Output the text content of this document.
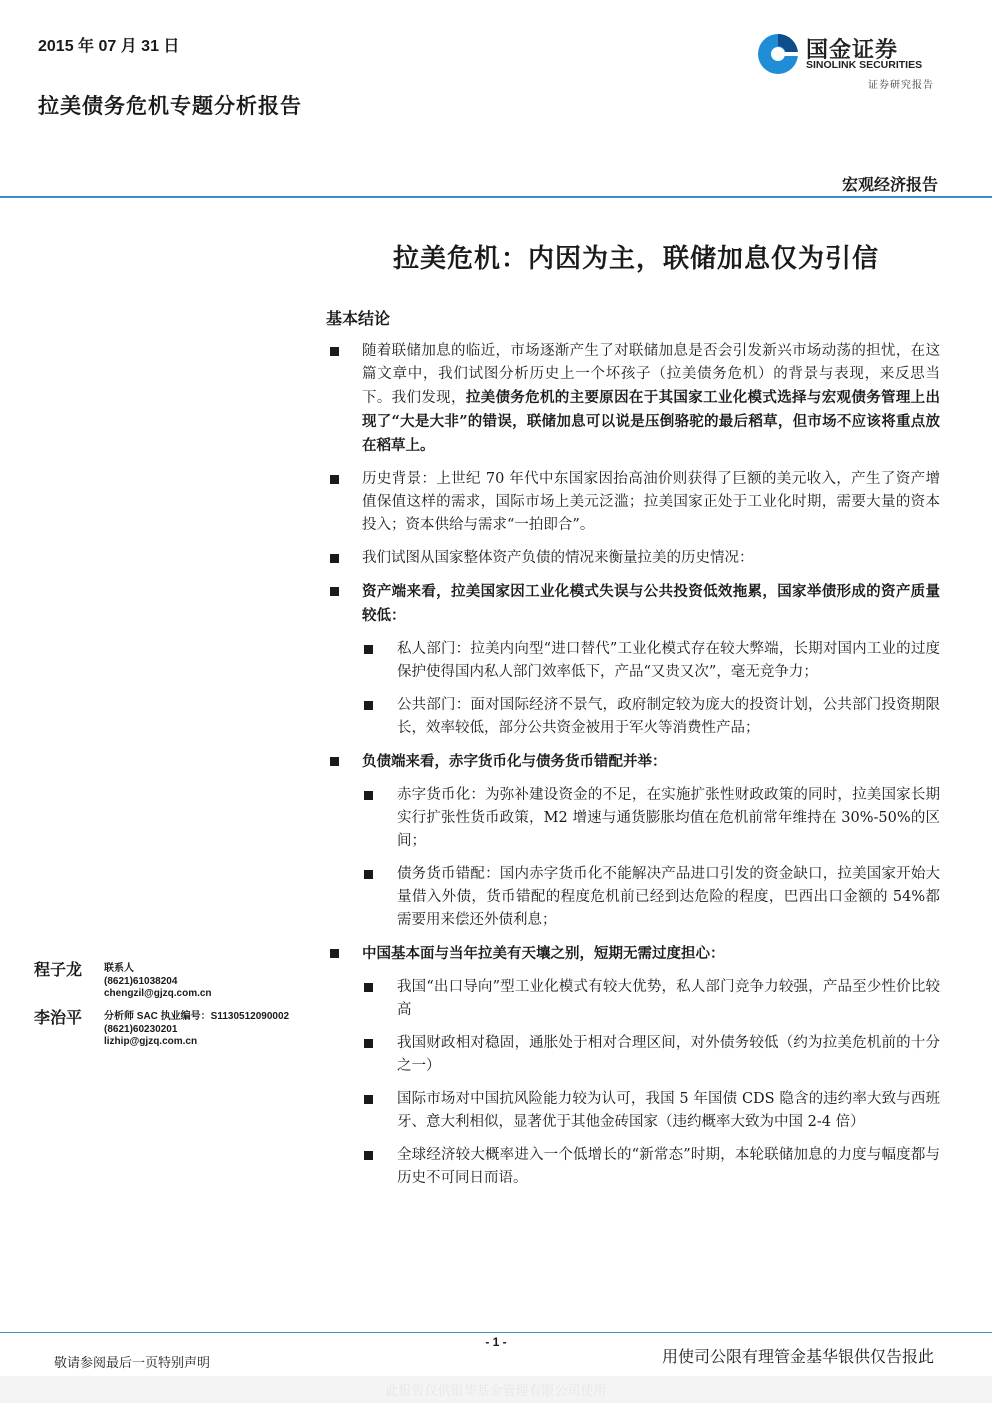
2015 年 07 月 31 日
拉美债务危机专题分析报告
国金证券
SINOLINK SECURITIES
证券研究报告
宏观经济报告
拉美危机：内因为主，联储加息仅为引信
基本结论
随着联储加息的临近，市场逐渐产生了对联储加息是否会引发新兴市场动荡的担忧，在这篇文章中，我们试图分析历史上一个坏孩子（拉美债务危机）的背景与表现，来反思当下。我们发现，拉美债务危机的主要原因在于其国家工业化模式选择与宏观债务管理上出现了“大是大非”的错误，联储加息可以说是压倒骆驼的最后稻草，但市场不应该将重点放在稻草上。
历史背景：上世纪 70 年代中东国家因抬高油价则获得了巨额的美元收入，产生了资产增值保值这样的需求，国际市场上美元泛滥；拉美国家正处于工业化时期，需要大量的资本投入；资本供给与需求“一拍即合”。
我们试图从国家整体资产负债的情况来衡量拉美的历史情况：
资产端来看，拉美国家因工业化模式失误与公共投资低效拖累，国家举债形成的资产质量较低：
私人部门：拉美内向型“进口替代”工业化模式存在较大弊端，长期对国内工业的过度保护使得国内私人部门效率低下，产品“又贵又次”，毫无竞争力；
公共部门：面对国际经济不景气，政府制定较为庞大的投资计划，公共部门投资期限长，效率较低，部分公共资金被用于军火等消费性产品；
负债端来看，赤字货币化与债务货币错配并举：
赤字货币化：为弥补建设资金的不足，在实施扩张性财政政策的同时，拉美国家长期实行扩张性货币政策，M2 增速与通货膨胀均值在危机前常年维持在 30%-50%的区间；
债务货币错配：国内赤字货币化不能解决产品进口引发的资金缺口，拉美国家开始大量借入外债，货币错配的程度危机前已经到达危险的程度，巴西出口金额的 54%都需要用来偿还外债利息；
中国基本面与当年拉美有天壤之别，短期无需过度担心：
我国“出口导向”型工业化模式有较大优势，私人部门竞争力较强，产品至少性价比较高
我国财政相对稳固，通胀处于相对合理区间，对外债务较低（约为拉美危机前的十分之一）
国际市场对中国抗风险能力较为认可，我国 5 年国债 CDS 隐含的违约率大致与西班牙、意大利相似，显著优于其他金砖国家（违约概率大致为中国 2-4 倍）
全球经济较大概率进入一个低增长的“新常态”时期，本轮联储加息的力度与幅度都与历史不可同日而语。
程子龙 联系人
(8621)61038204
chengzil@gjzq.com.cn
李治平 分析师 SAC 执业编号：S1130512090002
(8621)60230201
lizhip@gjzq.com.cn
- 1 -
敬请参阅最后一页特别声明	用使司公限有理管金基华银供仅告报此
此报告仅供银华基金管理有限公司使用
